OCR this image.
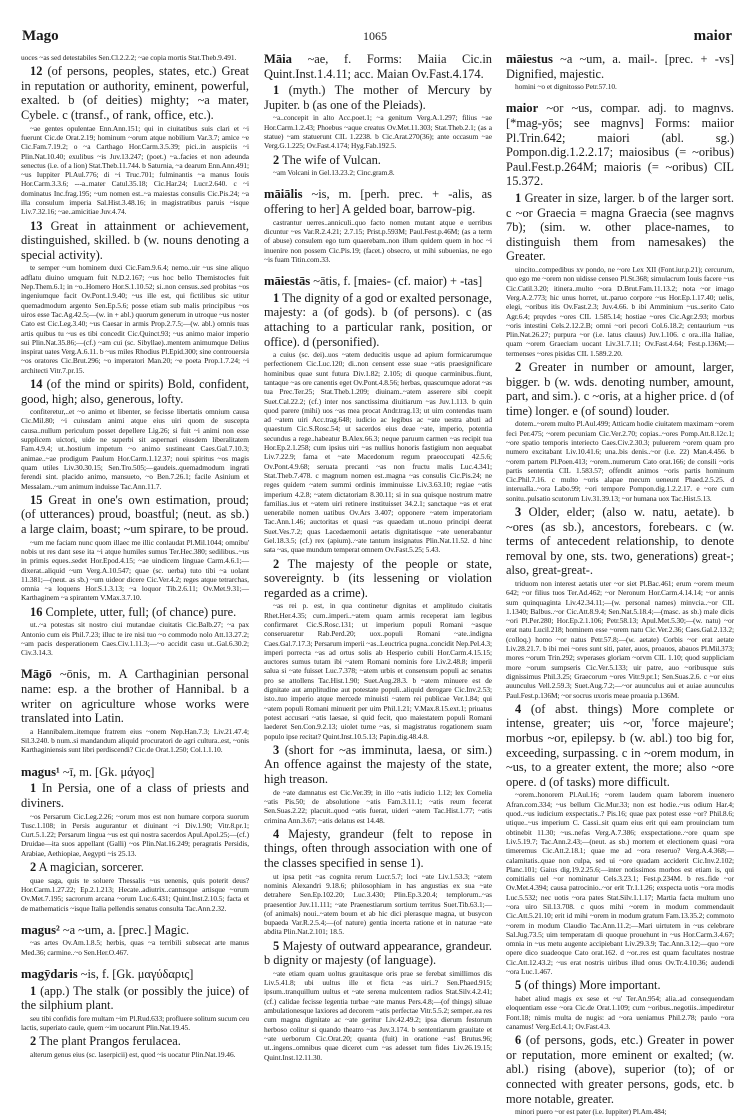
Mago	1065	maior
uoces ~as sed detestabiles Sen.Cl.2.2.2; ~ae copia mortis Stat.Theb.9.491.
12 (of persons, peoples, states, etc.) Great in reputation or authority, eminent, powerful, exalted. b (of deities) mighty; ~a mater, Cybele. c (transf., of rank, office, etc.).
~ae gentes opulentae Enn.Ann.151; qui in ciuitatibus suis clari et ~i fuerunt Cic.de Orat.2.19; hominum ~orum atque nobilium Var.3.7; amice ~e Cic.Fam.7.19.2; o ~a Carthago Hor.Carm.3.5.39; pici..in auspiciis ~i Plin.Nat.10.40; exulibus ~is Juv.13.247; (poet.) ~a..facies et non adeunda senectus (i.e. of a lion) Stat.Theb.11.744. b Saturnia, ~a dearum Enn.Ann.491; ~us Iuppiter Pl.Aul.776; di ~i Truc.701; fulminantis ~a manus Iouis Hor.Carm.3.3.6; ---a..mater Catul.35.18; Cic.Har.24; Lucr.2.640. c ~i dominatus Inc.frag.195; ~um nomen est..~a maiestas consulis Cic.Pis.24; ~a illa consulum imperia Sal.Hist.3.48.16; in magistratibus paruis ~isque Liv.7.32.16; ~ae..amicitiae Juv.4.74.
13 Great in attainment or achievement, distinguished, skilled. b (w. nouns denoting a special activity).
te semper ~um hominem duxi Cic.Fam.9.6.4; nemo..uir ~us sine aliquo adflatu diuino umquam fuit N.D.2.167; ~us hoc bello Themistocles fuit Nep.Them.6.1; in ~o..Homero Hor.S.1.10.52; si..non census..sed probitas ~os ingeniumque facit Ov.Pont.1.9.40; ~us ille est, qui fictilibus sic utitur quemadmodum argento Sen.Ep.5.6; posse etiam sub malis principibus ~os uiros esse Tac.Ag.42.5;—(w. in + abl.) quorum generum in utroque ~us noster Cato est Cic.Leg.3.40; ~us Caesar in armis Prop.2.7.5;—(w. abl.) omnis tuas artis quibus tu ~us es tibi concedit Cic.Quinct.93; ~us animo maior imperio sui Plin.Nat.35.86;—(cf.) ~am cui (sc. Sibyllae)..mentem animumque Delius inspirat uates Verg.A.6.11. b ~us miles Rhodius Pl.Epid.300; sine controuersia ~os oratores Cic.Brut.296; ~o imperatori Man.20; ~e poeta Prop.1.7.24; ~i architecti Vitr.7.pr.15.
14 (of the mind or spirits) Bold, confident, good, high; also, generous, lofty.
confiteretur,..et ~o animo et libenter, se fecisse libertatis omnium causa Cic.Mil.80; ~i cuiusdam animi atque eius uiri quom de suscepta causa..nullum periculum posset depellere Lig.26; si fuit ~i animi non esse supplicem uictori, uide ne superbi sit aspernari eiusdem liberalitatem Fam.4.9.4; ut..hostium impetum ~o animo sustineant Caes.Gal.7.10.3; animae..~ae prodigum Paulum Hor.Carm.1.12.37; noui spiritus ~os magis quam utiles Liv.30.30.15; Sen.Tro.505;—gaudeis..quemadmodum ingrati ferendi sint. placido animo, mansueto, ~o Ben.7.26.1; facile Asinium et Messalam..~um animum induisse Tac.Ann.11.7.
15 Great in one's own estimation, proud; (of utterances) proud, boastful; (neut. as sb.) a large claim, boast; ~um spirare, to be proud.
~um me faciam nunc quom illaec me illic conlaudat Pl.Mil.1044; omnibu' nobis ut res dant sese ita ~i atque humiles sumus Ter.Hec.380; sedilibus..~us in primis eques..sedet Hor.Epod.4.15; ~ae uindicem linguae Carm.4.6.1;—dixerat..aliquid ~um Verg.A.10.547; quae (sc. uerba) tuto tibi ~a uolant 11.381;—(neut. as sb.) ~um uideor dicere Cic.Ver.4.2; reges atque tetrarchas, omnia ~a loquens Hor.S.1.3.13; ~a loquor Tib.2.6.11; Ov.Met.9.31;—Karthaginem ~a spirantem V.Max.3.7.10.
16 Complete, utter, full; (of chance) pure.
ut..~a potestas sit nostro ciui mutandae ciuitatis Cic.Balb.27; ~a pax Antonio cum eis Phil.7.23; illuc te ire nisi tuo ~o commodo nolo Att.13.27.2; ~am pacis desperationem Caes.Civ.1.11.3;—~o accidit casu ut..Gal.6.30.2; Civ.3.14.3.
Māgō ~ōnis, m. A Carthaginian personal name: esp. a the brother of Hannibal. b a writer on agriculture whose works were translated into Latin.
a Hannibalem..itemque fratrem eius ~onem Nep.Han.7.3; Liv.21.47.4; Sil.3.240. b num..si mandandum aliquid procuratori de agri cultura..est, ~onis Karthaginiensis sunt libri perdiscendi? Cic.de Orat.1.250; Col.1.1.10.
magus¹ ~ī, m. [Gk. μάγος]
1 In Persia, one of a class of priests and diviners.
~os Persarum Cic.Leg.2.26; ~orum mos est non humare corpora suorum Tusc.1.108; in Persis augurantur et diuinant ~i Div.1.90; Vitr.8.pr.1; Curt.5.1.22; Persarum lingua ~us est qui nostra sacerdos Apul.Apol.25;—(cf.) Druidae—ita suos appellant (Galli) ~os Plin.Nat.16.249; peragratis Persidis, Arabiae, Aethiopiae, Aegypti ~is 25.13.
2 A magician, sorcerer.
quae saga, quis te soluere Thessalis ~us uenenis, quis poterit deus? Hor.Carm.1.27.22; Ep.2.1.213; Hecate..adiutrix..cantusque artisque ~orum Ov.Met.7.195; sacrorum arcana ~orum Luc.6.431; Quint.Inst.2.10.5; facta et de mathematicis ~isque Italia pellendis senatus consulta Tac.Ann.2.32.
magus² ~a ~um, a. [prec.] Magic.
~as artes Ov.Am.1.8.5; herbis, quas ~a terribili subsecat arte manus Med.36; carmine..~o Sen.Her.O.467.
magȳdaris ~is, f. [Gk. μαγύδαρις]
1 (app.) The stalk (or possibly the juice) of the silphium plant.
seu tibi confidis fore multam ~im Pl.Rud.633; profluere solitum sucum ceu lactis, superiato caule, quem ~im uocarunt Plin.Nat.19.45.
2 The plant Prangos ferulacea.
alterum genus eius (sc. laserpicii) est, quod ~is uocatur Plin.Nat.19.46.
Māia ~ae, f. Forms: Maiia Cic.in Quint.Inst.1.4.11; acc. Maian Ov.Fast.4.174.
1 (myth.) The mother of Mercury by Jupiter. b (as one of the Pleiads).
~a..concepit in alto Acc.poet.1; ~a genitum Verg.A.1.297; filius ~ae Hor.Carm.1.2.43; Phoebus ~aque creatus Ov.Met.11.303; Stat.Theb.2.1; (as a statue) ~am statuerunt CIL 1.2238. b Cic.Arat.270(36); ante occasum ~ae Verg.G.1.225; Ov.Fast.4.174; Hyg.Fab.192.5.
2 The wife of Vulcan.
~am Volcani in Gel.13.23.2; Cinc.gram.8.
māiālis ~is, m. [perh. prec. + -alis, as offering to her] A gelded boar, barrow-pig.
castrantur uerres..anniculi..quo facto nomen mutant atque e uerribus dicuntur ~es Var.R.2.4.21; 2.7.15; Prist.p.593M; Paul.Fest.p.46M; (as a term of abuse) consulem ego tum quaerebam..non illum quidem quem in hoc ~i inuenire non possem Cic.Pis.19; (facet.) obsecro, ut mihi subuenias, ne ego ~is fuam Titin.com.33.
māiestās ~ātis, f. [maies- (cf. maior) + -tas]
1 The dignity of a god or exalted personage, majesty: a (of gods). b (of persons). c (as attaching to a particular rank, position, or office). d (personified).
a cuius (sc. dei)..uos ~atem deducitis usque ad apium formicarumque perfectionem Cic.Luc.120; di..non censent esse suae ~atis praesignificare hominibus quae sunt futura Div.1.82; 2.105; di quoque carminibus..fiunt, tantaque ~as ore canentis eget Ov.Pont.4.8.56; herbas, quascumque adorat ~as tua Prec.Ter.25; Stat.Theb.1.209; diuinam..~atem asserere sibi coepit Suet.Cal.22.2; (cf.) inter nos sanctissima diuitiarum ~as Juv.1.113. b quin quod parere (mihi) uos ~as mea procat Andr.trag.13; ut uim contendas tuam ad ~atem uiri Acc.trag.648; iudicio ac legibus ac ~ate uestra abuti ad quaestum Cic.S.Rosc.54; ut sacerdos eius deae ~ate, imperio, potentia secundus a rege..habeatur B.Alex.66.3; neque paruum carmen ~as recipit tua Hor.Ep.2.1.258; cum ipsius uiri ~as nullius honoris fastigium non aequabat Liv.7.22.9; fama et ~ate Macedonum regum praeoccupati 42.5.6; Ov.Pont.4.9.68; seruata precanti ~as non fructu malis Luc.4.341; Stat.Theb.7.478. c magnum nomen est..magna ~as consulis Cic.Pis.24; ne reges quidem ~atem summi ordinis imminuisse Liv.3.63.10; regiae ~atis imperium 4.2.8; ~atem dictatoriam 8.30.11; si in sua quisque nostrum matre familias..ius et ~atem uiri retinere instituisset 34.2.1; sanctaque ~as et erat uenerabile nomen uatibus Ov.Ars 3.407; opponere ~atem imperatoriam Tac.Ann.1.46; auctoritas et quasi ~as quaedam ut..nouo principi deerat Suet.Ves.7.2; quas Lacedaemonii aetatis dignitatisque ~ate uenerabantur Gel.18.3.5; (cf.) rex (apium)..~ate tantum insignatus Plin.Nat.11.52. d hinc sata ~as, quae mundum temperat omnem Ov.Fast.5.25; 5.43.
2 The majesty of the people or state, sovereignty. b (its lessening or violation regarded as a crime).
~as rei p. est, in qua continetur dignitas et amplitudo ciuitatis Rhet.Her.4.35; cum..imperi..~atem quam armis receperat iam legibus confirmaret Cic.S.Rosc.131; ut imperium populi Romani ~asque conseruaretur Rab.Perd.20; uox..populi Romani ~ate..indigna Caes.Gal.7.17.3; Persarum imperii ~as..Leuctrica pugna..concidit Nep.Pel.4.3; imperi porrecta ~as ad ortus solis ab Hesperio cubili Hor.Carm.4.15.15; auctores sumus tutam ibi ~atem Romani nominis fore Liv.2.48.8; imperii salua si ~ate fuisset Luc.7.378; ~atem urbis et consensum populi ac senatus pro se attollens Tac.Hist.1.90; Suet.Aug.28.3. b ~atem minuere est de dignitate aut amplitudine aut potestate populi..aliquid derogare Cic.Inv.2.53; isto..tuo imperio atque mercede minuisti ~atem rei publicae Ver.1.84; qui ~atem populi Romani minuerit per uim Phil.1.21; V.Max.8.15.ext.1; priuatus potest accusari ~atis laesae, si quid fecit, quo maiestatem populi Romani laederet Sen.Con.9.2.13; uiolet turne ~as, si magistratus rogationem suam populo ipse recitat? Quint.Inst.10.5.13; Papin.dig.48.4.8.
3 (short for ~as imminuta, laesa, or sim.) An offence against the majesty of the state, high treason.
de ~ate damnatus est Cic.Ver.39; in illo ~atis iudicio 1.12; lex Cornelia ~atis Pis.50; de absolutione ~atis Fam.3.11.1; ~atis reum fecerat Sen.Suas.2.22; placuit..quod ~atis fuerat, uideri ~atem Tac.Hist.1.77; ~atis crimina Ann.3.67; ~atis delatus est 14.48.
4 Majesty, grandeur (felt to repose in things, often through association with one of the classes specified in sense 1).
ut ipsa petit ~as cognita rerum Lucr.5.7; loci ~ate Liv.1.53.3; ~atem nominis Alexandri 9.18.6; philosophiam in has angustias ex sua ~ate detrahere Sen.Ep.102.20; Luc.3.430; Plin.Ep.3.20.4; templorum..~as praesentior Juv.11.111; ~ate Praenestiarum sortium territus Suet.Tib.63.1;—(of animals) noui..~atem boum et ab hic dici plerasque magna, ut busycon bupaeda Var.R.2.5.4;—(of nature) gentia incerta ratione et in naturae ~ate abdita Plin.Nat.2.101; 18.5.
5 Majesty of outward appearance, grandeur. b dignity or majesty (of language).
~ate etiam quam uoltus grauitasque oris prae se ferebat simillimos dis Liv.5.41.8; ubi uultus ille et ficta ~as uiri..? Sen.Phaed.915; ipsum..tranquillum uultus et ~ate serena mulcentem radios Stat.Silv.4.2.41; (cf.) calidae fecisse legentia turbae ~ate manus Pers.4.8;—(of things) siluae ambulationesque laxiores ad decorem ~atis perfectae Vitr.5.5.2; semper..ea res cum magna dignitate ac ~ate geritur Liv.42.49.2; ipsa dierum festorum herboso colitur si quando theatro ~as Juv.3.174. b sententiarum grauitate et ~ate uerborum Cic.Orat.20; quanta (fuit) in oratione ~as! Brutus.96; ut..ingens..omnibus quae diceret cum ~as adesset tum fides Liv.26.19.15; Quint.Inst.12.11.30.
māiestus ~a ~um, a. mail-. [prec. + -vs] Dignified, majestic.
homini ~o et dignitosso Petr.57.10.
maior ~or ~us, compar. adj. to magnvs. [*mag-yōs; see magnvs] Forms: maiior Pl.Trin.642; maiori (abl. sg.) Pompon.dig.1.2.2.17; maiosibus (= ~oribus) Paul.Fest.p.264M; maioris (= ~oribus) CIL 15.372.
1 Greater in size, larger. b of the larger sort. c ~or Graecia = magna Graecia (see magnvs 7b); (sim. w. other place-names, to distinguish them from namesakes) the Greater.
uincito..compedibus xv pondo, ne ~ore Lex XII (Font.iur.p.21); cercurum, quo ego me ~orem non uidisse censeo Pl.St.368; simulacrum Iouis facere ~us Cic.Catil.3.20; itinera..multo ~ora D.Brut.Fam.11.13.2; nota ~or imago Verg.A.2.773; hic unus horret, ut..paruo corpore ~us Hor.Ep.1.17.40; uelis, elegi, ~oribus itis Ov.Fast.2.3; Juv.4.66. b ibi Amminium ~us..serito Cato Agr.6.4; prqvdes ~ores CIL 1.585.14; hostiae ~ores Cic.Agr.2.93; morbus ~oris intestini Cels.2.12.2.B; omni ~ori pecori Col.6.18.2; centaurium ~us Plin.Nat.26.27; purpura ~or (i.e. latus clauus) Juv.1.106. c ora..illa Italiae, quam ~orem Graeciam uocant Liv.31.7.11; Ov.Fast.4.64; Fest.p.136M;—termenses ~ores pisidas CIL 1.589.2.20.
2 Greater in number or amount, larger, bigger. b (w. wds. denoting number, amount, part, and sim.). c ~oris, at a higher price. d (of time) longer. e (of sound) louder.
dotem..~orem multo Pl.Aul.499; Atticam hodie ciuitatem maximam ~orem feci Per.475; ~orem pecuniam Cic.Ver.2.70; copias..~ores Pomp.Att.8.12c.1; ~ore spatio temporis interiecto Caes.Civ.2.30.3; puluerem ~orem quam pro numero excitabant Liv.10.41.6; una..bis denis..~or (i.e. 22) Man.4.456. b ~orem partem Pl.Poen.413; ~orem..numerum Cato orat.166; de consili ~oris partis sententia CIL 1.583.57; offendit animos ~oris partis hominum Cic.Phil.7.16. c multo ~oris alapae mecum ueneunt Phaed.2.5.25. d interualla..~ora Labo.99; ~ori tempore Pompon.dig.1.2.2.17. e ~ore cum sonitu..pulsatio scutorum Liv.31.39.13; ~or humana uox Tac.Hist.5.13.
3 Older, elder; (also w. natu, aetate). b ~ores (as sb.), ancestors, forebears. c (w. terms of antecedent relationship, to denote removal by one, sts. two, generations) great-; also, great-great-.
triduom non interest aetatis uter ~or siet Pl.Bac.461; erum ~orem meum 642; ~or filius tuos Ter.Ad.462; ~or Neronum Hor.Carm.4.14.14; ~or annis sum quinquaginta Liv.42.34.11;—(w. personal names) minvcia..~or CIL 1.1340; Balbus..~or Cic.Att.8.9.4; Sen.Nat.5.18.4;—(masc. as sb.) male dicis ~ori Pl.Per.280; Hor.Ep.2.1.106; Petr.58.13; Apul.Met.5.30;—(w. natu) ~or erat natu Lucil.218; hominem esse ~orem natu Cic.Ver.2.36; Caes.Gal.2.13.2; (colloq.) homo ~or natus Petr.57.8;—(w. aetate) Corbis ~or erat aetate Liv.28.21.7. b ibi mei ~ores sunt siti, pater, auos, proauos, abauos Pl.Mil.373; mores ~orum Trin.292; svperases gloriam ~orvm CIL 1.10; quod suppliciam more ~orum sumpseris Cic.Ver.5.133; uir patre, auo ~oribusque suis dignissimus Phil.3.25; Graecorum ~ores Vitr.9.pr.1; Sen.Suas.2.6. c ~or eius auunculus Vell.2.59.3; Suet.Aug.7.2;—~or auunculus aui et auiae auunculus Paul.Fest.p.136M; ~or socrus uxoris meae proauia p.136M.
4 (of abst. things) More complete or intense, greater; uis ~or, 'force majeure'; morbus ~or, epilepsy. b (w. abl.) too big for, exceeding, surpassing. c in ~orem modum, in ~us, to a greater extent, the more; also ~ore opere. d (of tasks) more difficult.
~orem..honorem Pl.Aul.16; ~orem laudem quam laborem inuenero Afran.com.334; ~us bellum Cic.Mur.33; non est hodie..~us odium Har.4; quod..~us iudicium exspectatis..? Pis.16; quae pax potest esse ~or? Phil.8.6; utique..~us imperium C. Cassi..sit quam eius erit qui eam prouinciam tum obtinebit 11.30; ~us..nefas Verg.A.7.386; exspectatione..~ore quam spe Liv.5.19.7; Tac.Ann.2.43;—(neut. as sb.) mortem et electionem quasi ~ora timeremus Cic.Att.2.18.1; quae me ad ~ora reseruo? Verg.A.4.368;—calamitatis..quae non culpa, sed ui ~ore quadam acciderit Cic.Inv.2.102; Planc.101; Gaius dig.19.2.25.6;—inter notissimos morbos est etiam is, qui comitialis uel ~or nominatur Cels.3.23.1; Fest.p.234M. b res..fide ~or Ov.Met.4.394; causa patrocinio..~or erit Tr.1.1.26; exspecta uotis ~ora modis Luc.5.532; nec uotis ~ora pates Stat.Silv.1.1.17; Martia facta multum uno ~ora uiro Sil.13.708. c quos mihi ~orem in modum commendauit Cic.Att.5.21.10; erit id mihi ~orem in modum gratum Fam.13.35.2; commoto ~orem in modum Claudio Tac.Ann.11.2;—Mari uirtutem in ~us celebrare Sal.Jug.73.5; uim temperatam di quoque prouehunt in ~us Hor.Carm.3.4.67; omnia in ~us metu augente accipiebant Liv.29.3.9; Tac.Ann.3.12;—quo ~ore opere dico suadeoque Cato orat.162. d ~or..res est quam facultates nostrae Cic.Att.12.43.2; ~us erat nostris uiribus illud onus Ov.Tr.4.10.36; audendi ~ora Luc.1.467.
5 (of things) More important.
habet aliud magis ex sese et ~u' Ter.An.954; alia..ad consequendam eloquentiam esse ~ora Cic.de Orat.1.109; cum ~oribus..negotiis..impediretur Font.18; nimis multa de nugis: ad ~ora ueniamus Phil.2.78; paulo ~ora canamus! Verg.Ecl.4.1; Ov.Fast.4.3.
6 (of persons, gods, etc.) Greater in power or reputation, more eminent or exalted; (w. abl.) rising (above), superior (to); of or connected with greater persons, gods, etc. b more notable, greater.
minori puero ~or est pater (i.e. Iuppiter) Pl.Am.484;
